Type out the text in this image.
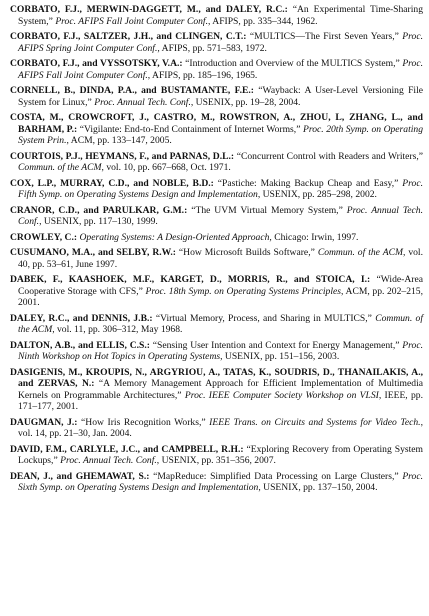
CORBATO, F.J., MERWIN-DAGGETT, M., and DALEY, R.C.: “An Experimental Time-Sharing System,” Proc. AFIPS Fall Joint Computer Conf., AFIPS, pp. 335–344, 1962.

CORBATO, F.J., SALTZER, J.H., and CLINGEN, C.T.: “MULTICS—The First Seven Years,” Proc. AFIPS Spring Joint Computer Conf., AFIPS, pp. 571–583, 1972.

CORBATO, F.J., and VYSSOTSKY, V.A.: “Introduction and Overview of the MULTICS System,” Proc. AFIPS Fall Joint Computer Conf., AFIPS, pp. 185–196, 1965.

CORNELL, B., DINDA, P.A., and BUSTAMANTE, F.E.: “Wayback: A User-Level Versioning File System for Linux,” Proc. Annual Tech. Conf., USENIX, pp. 19–28, 2004.

COSTA, M., CROWCROFT, J., CASTRO, M., ROWSTRON, A., ZHOU, L, ZHANG, L., and BARHAM, P.: “Vigilante: End-to-End Containment of Internet Worms,” Proc. 20th Symp. on Operating System Prin., ACM, pp. 133–147, 2005.

COURTOIS, P.J., HEYMANS, F., and PARNAS, D.L.: “Concurrent Control with Readers and Writers,” Commun. of the ACM, vol. 10, pp. 667–668, Oct. 1971.

COX, L.P., MURRAY, C.D., and NOBLE, B.D.: “Pastiche: Making Backup Cheap and Easy,” Proc. Fifth Symp. on Operating Systems Design and Implementation, USENIX, pp. 285–298, 2002.

CRANOR, C.D., and PARULKAR, G.M.: “The UVM Virtual Memory System,” Proc. Annual Tech. Conf., USENIX, pp. 117–130, 1999.

CROWLEY, C.: Operating Systems: A Design-Oriented Approach, Chicago: Irwin, 1997.

CUSUMANO, M.A., and SELBY, R.W.: “How Microsoft Builds Software,” Commun. of the ACM, vol. 40, pp. 53–61, June 1997.

DABEK, F., KAASHOEK, M.F., KARGET, D., MORRIS, R., and STOICA, I.: “Wide-Area Cooperative Storage with CFS,” Proc. 18th Symp. on Operating Systems Principles, ACM, pp. 202–215, 2001.

DALEY, R.C., and DENNIS, J.B.: “Virtual Memory, Process, and Sharing in MULTICS,” Commun. of the ACM, vol. 11, pp. 306–312, May 1968.

DALTON, A.B., and ELLIS, C.S.: “Sensing User Intention and Context for Energy Management,” Proc. Ninth Workshop on Hot Topics in Operating Systems, USENIX, pp. 151–156, 2003.

DASIGENIS, M., KROUPIS, N., ARGYRIOU, A., TATAS, K., SOUDRIS, D., THANAILAKIS, A., and ZERVAS, N.: “A Memory Management Approach for Efficient Implementation of Multimedia Kernels on Programmable Architectures,” Proc. IEEE Computer Society Workshop on VLSI, IEEE, pp. 171–177, 2001.

DAUGMAN, J.: “How Iris Recognition Works,” IEEE Trans. on Circuits and Systems for Video Tech., vol. 14, pp. 21–30, Jan. 2004.

DAVID, F.M., CARLYLE, J.C., and CAMPBELL, R.H.: “Exploring Recovery from Operating System Lockups,” Proc. Annual Tech. Conf., USENIX, pp. 351–356, 2007.

DEAN, J., and GHEMAWAT, S.: “MapReduce: Simplified Data Processing on Large Clusters,” Proc. Sixth Symp. on Operating Systems Design and Implementation, USENIX, pp. 137–150, 2004.
